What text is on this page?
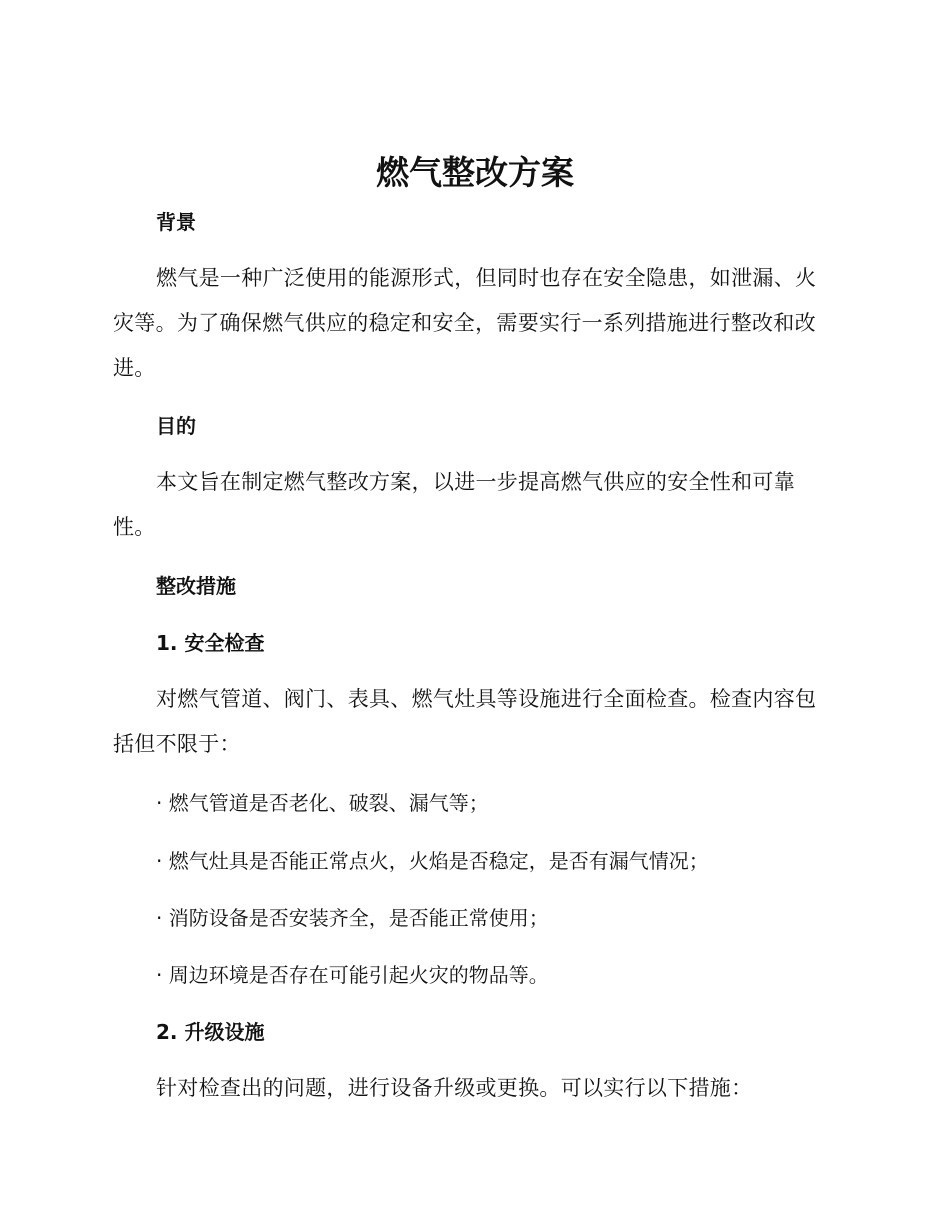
燃气整改方案
背景

燃气是一种广泛使用的能源形式，但同时也存在安全隐患，如泄漏、火灾等。为了确保燃气供应的稳定和安全，需要实行一系列措施进行整改和改进。

目的

本文旨在制定燃气整改方案，以进一步提高燃气供应的安全性和可靠性。

整改措施
1. 安全检查

对燃气管道、阀门、表具、燃气灶具等设施进行全面检查。检查内容包括但不限于：

· 燃气管道是否老化、破裂、漏气等；
· 燃气灶具是否能正常点火，火焰是否稳定，是否有漏气情况；
· 消防设备是否安装齐全，是否能正常使用；
· 周边环境是否存在可能引起火灾的物品等。
2. 升级设施

针对检查出的问题，进行设备升级或更换。可以实行以下措施：
